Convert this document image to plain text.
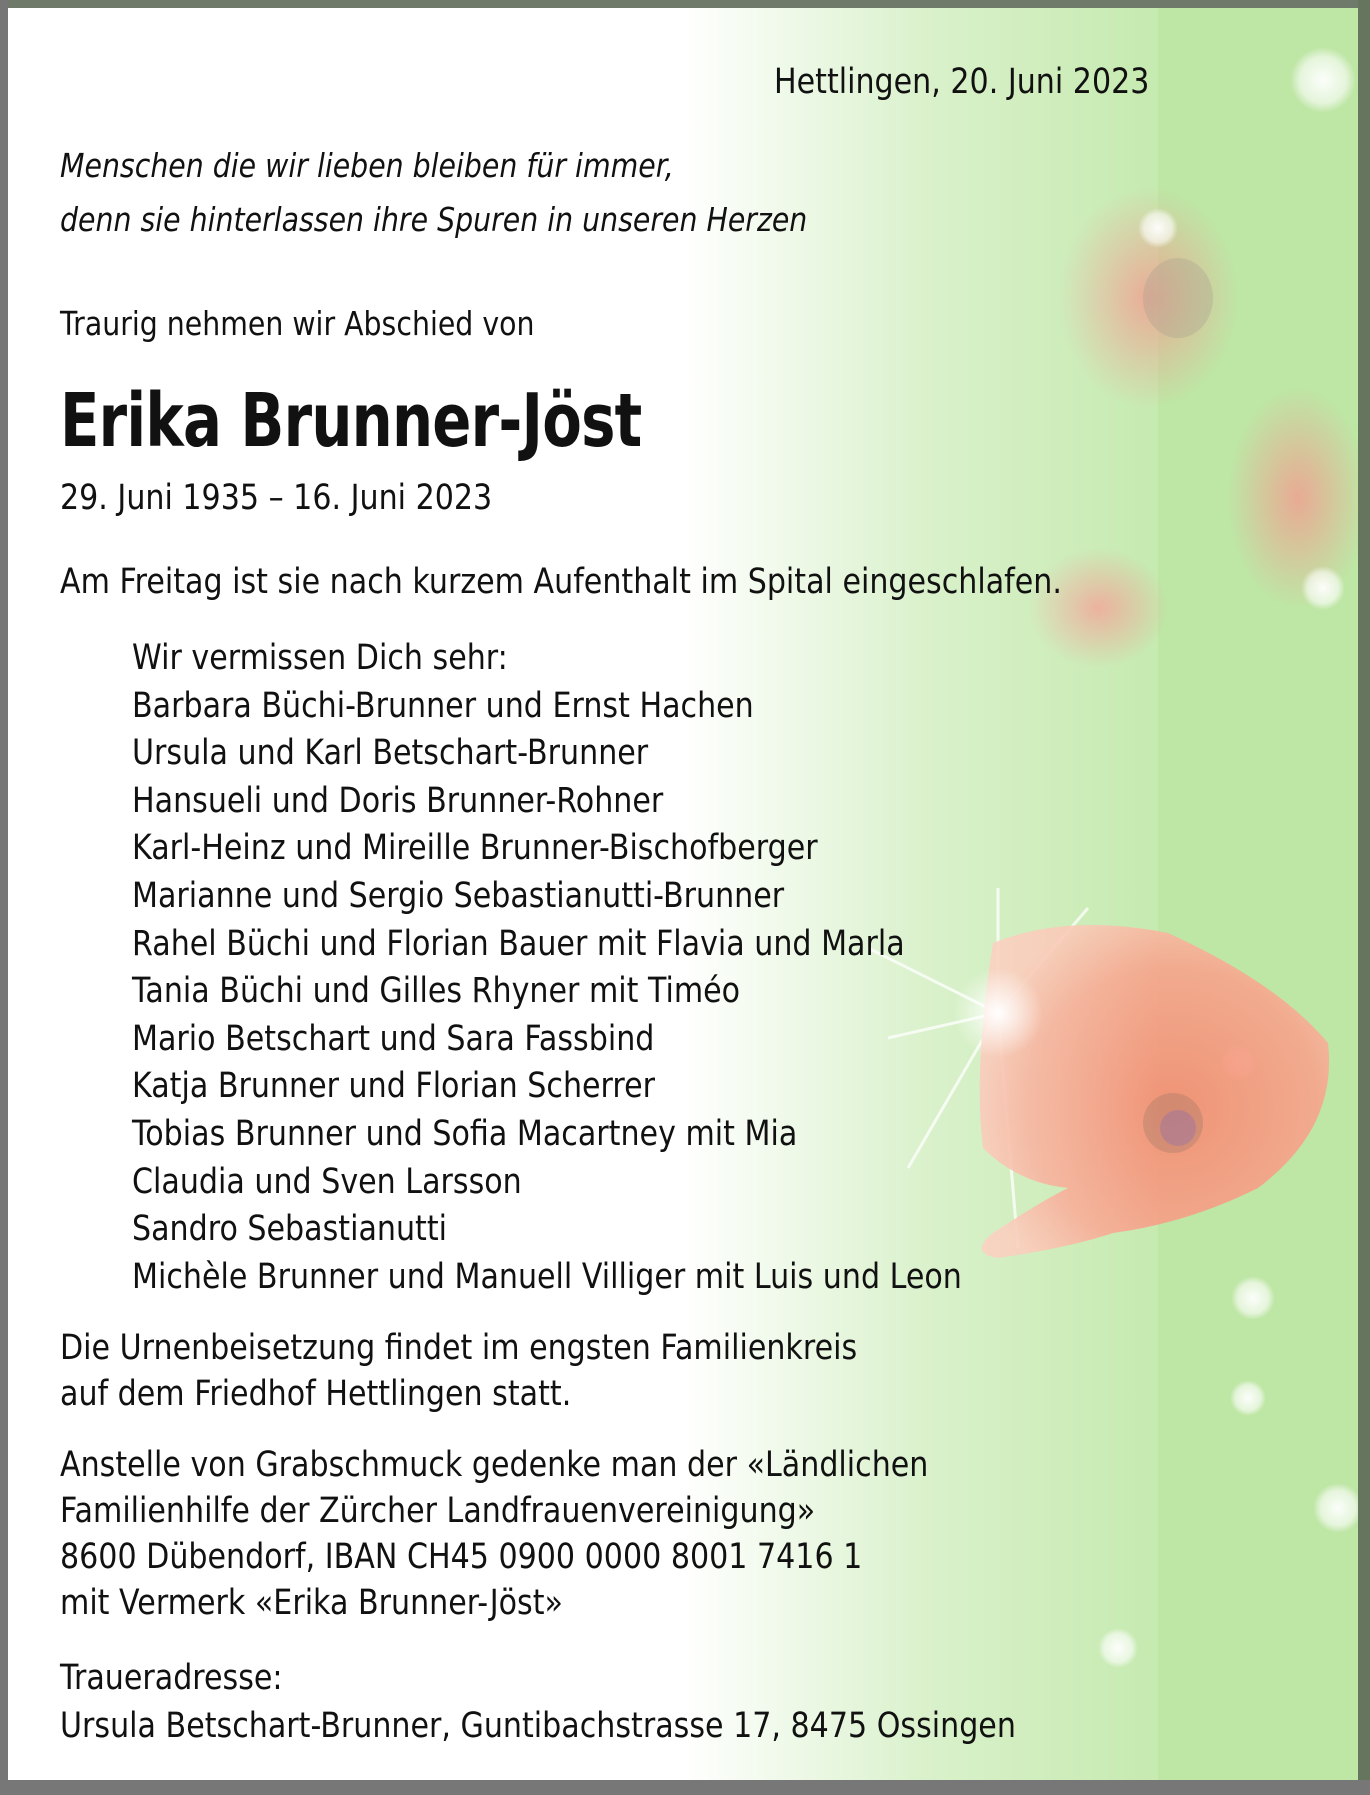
Hettlingen, 20. Juni 2023
Menschen die wir lieben bleiben für immer,
denn sie hinterlassen ihre Spuren in unseren Herzen
Traurig nehmen wir Abschied von
Erika Brunner-Jöst
29. Juni 1935 – 16. Juni 2023
Am Freitag ist sie nach kurzem Aufenthalt im Spital eingeschlafen.
Wir vermissen Dich sehr:
Barbara Büchi-Brunner und Ernst Hachen
Ursula und Karl Betschart-Brunner
Hansueli und Doris Brunner-Rohner
Karl-Heinz und Mireille Brunner-Bischofberger
Marianne und Sergio Sebastianutti-Brunner
Rahel Büchi und Florian Bauer mit Flavia und Marla
Tania Büchi und Gilles Rhyner mit Timéo
Mario Betschart und Sara Fassbind
Katja Brunner und Florian Scherrer
Tobias Brunner und Sofia Macartney mit Mia
Claudia und Sven Larsson
Sandro Sebastianutti
Michèle Brunner und Manuell Villiger mit Luis und Leon
Die Urnenbeisetzung findet im engsten Familienkreis
auf dem Friedhof Hettlingen statt.
Anstelle von Grabschmuck gedenke man der «Ländlichen
Familienhilfe der Zürcher Landfrauenvereinigung»
8600 Dübendorf, IBAN CH45 0900 0000 8001 7416 1
mit Vermerk «Erika Brunner-Jöst»
Traueradresse:
Ursula Betschart-Brunner, Guntibachstrasse 17, 8475 Ossingen
